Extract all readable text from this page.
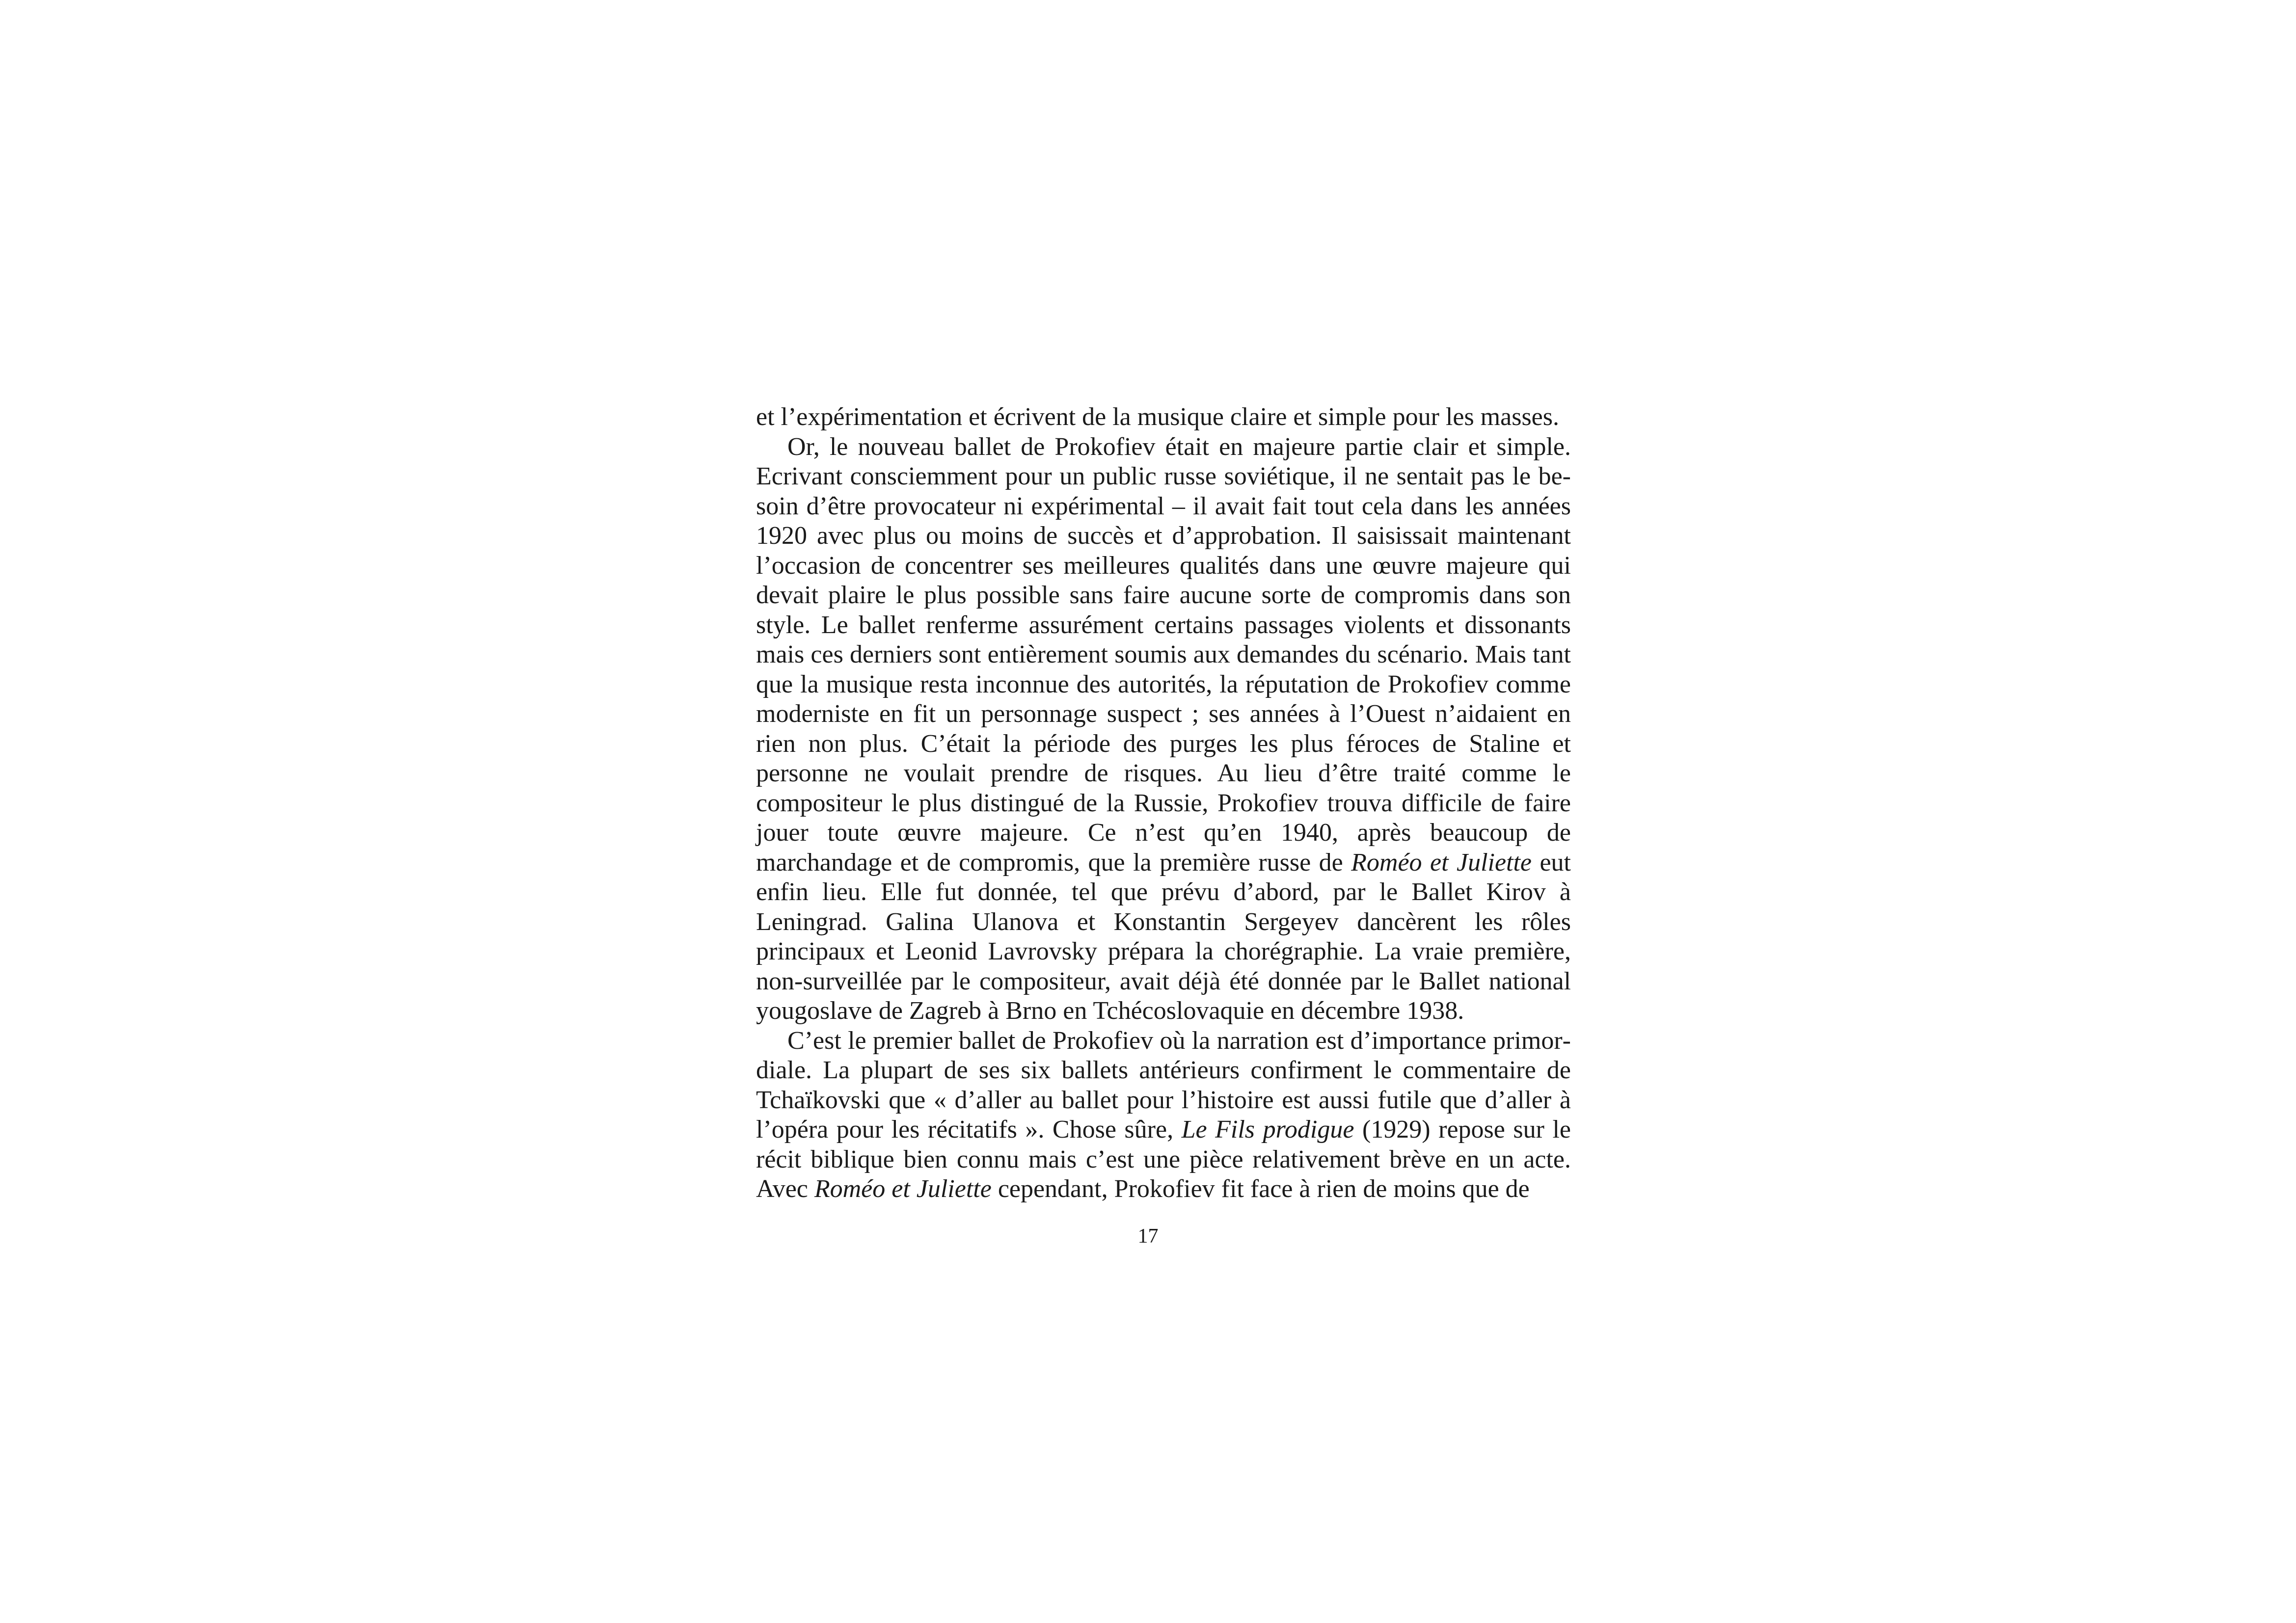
et l’expérimentation et écrivent de la musique claire et simple pour les masses.

Or, le nouveau ballet de Prokofiev était en majeure partie clair et simple. Ecrivant consciemment pour un public russe soviétique, il ne sentait pas le besoin d’être provocateur ni expérimental – il avait fait tout cela dans les années 1920 avec plus ou moins de succès et d’approbation. Il saisissait maintenant l’occasion de concentrer ses meilleures qualités dans une œuvre majeure qui devait plaire le plus possible sans faire aucune sorte de compromis dans son style. Le ballet renferme assurément certains passages violents et dissonants mais ces derniers sont entièrement soumis aux demandes du scénario. Mais tant que la musique resta inconnue des autorités, la réputation de Prokofiev comme moderniste en fit un personnage suspect ; ses années à l’Ouest n’aidaient en rien non plus. C’était la période des purges les plus féroces de Staline et personne ne voulait prendre de risques. Au lieu d’être traité comme le compositeur le plus distingué de la Russie, Prokofiev trouva difficile de faire jouer toute œuvre majeure. Ce n’est qu’en 1940, après beaucoup de marchandage et de compromis, que la première russe de Roméo et Juliette eut enfin lieu. Elle fut donnée, tel que prévu d’abord, par le Ballet Kirov à Leningrad. Galina Ulanova et Konstantin Sergeyev dancèrent les rôles principaux et Leonid Lavrovsky prépara la chorégraphie. La vraie première, non-surveillée par le compositeur, avait déjà été donnée par le Ballet national yougoslave de Zagreb à Brno en Tchécoslovaquie en décembre 1938.

C’est le premier ballet de Prokofiev où la narration est d’importance primordiale. La plupart de ses six ballets antérieurs confirment le commentaire de Tchaïkovski que « d’aller au ballet pour l’histoire est aussi futile que d’aller à l’opéra pour les récitatifs ». Chose sûre, Le Fils prodigue (1929) repose sur le récit biblique bien connu mais c’est une pièce relativement brève en un acte. Avec Roméo et Juliette cependant, Prokofiev fit face à rien de moins que de

17
